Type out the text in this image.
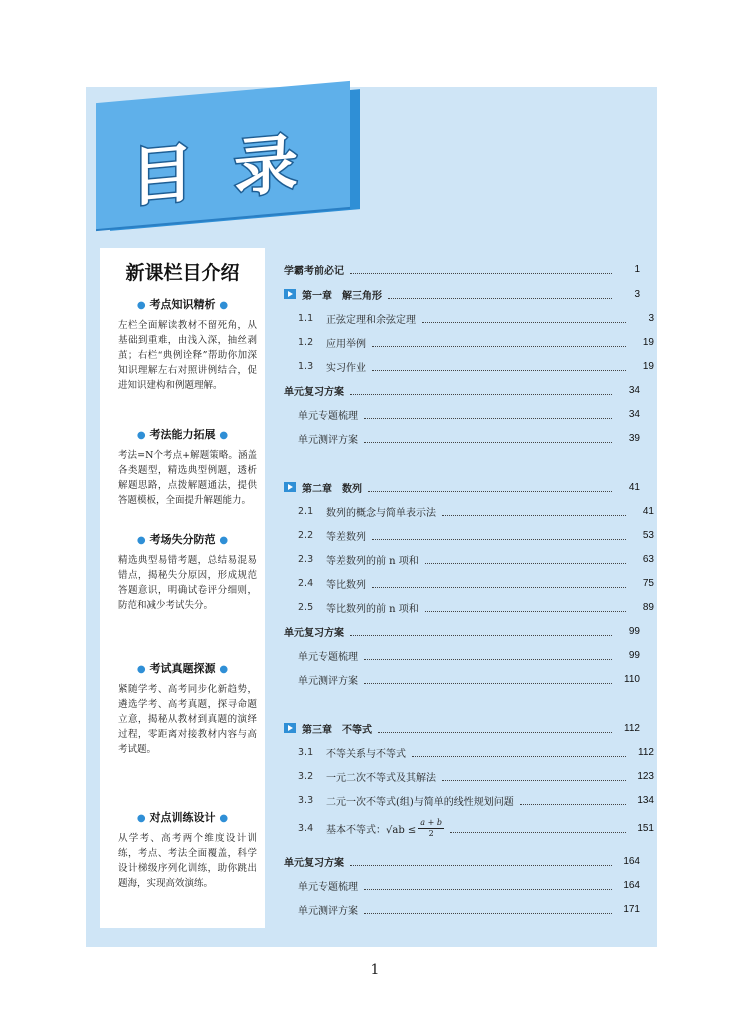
目录
新课栏目介绍
● 考点知识精析 ●
左栏全面解读教材不留死角，从基础到重难，由浅入深，抽丝剥茧；右栏“典例诠释”帮助你加深知识理解左右对照讲例结合，促进知识建构和例题理解。
● 考法能力拓展 ●
考法=N个考点+解题策略。涵盖各类题型，精选典型例题，透析解题思路，点拨解题通法，提供答题模板，全面提升解题能力。
● 考场失分防范 ●
精选典型易错考题，总结易混易错点，揭秘失分原因，形成规范答题意识，明确试卷评分细则，防范和减少考试失分。
● 考试真题探源 ●
紧随学考、高考同步化新趋势，遴选学考、高考真题，探寻命题立意，揭秘从教材到真题的演绎过程，零距离对接教材内容与高考试题。
● 对点训练设计 ●
从学考、高考两个维度设计训练，考点、考法全面覆盖，科学设计梯级序列化训练，助你跳出题海，实现高效演练。
学霸考前必记	1
第一章　解三角形	3
1.1	正弦定理和余弦定理	3
1.2	应用举例	19
1.3	实习作业	19
单元复习方案	34
单元专题梳理	34
单元测评方案	39
第二章　数列	41
2.1	数列的概念与简单表示法	41
2.2	等差数列	53
2.3	等差数列的前 n 项和	63
2.4	等比数列	75
2.5	等比数列的前 n 项和	89
单元复习方案	99
单元专题梳理	99
单元测评方案	110
第三章　不等式	112
3.1	不等关系与不等式	112
3.2	一元二次不等式及其解法	123
3.3	二元一次不等式(组)与简单的线性规划问题	134
3.4	基本不等式：$√ab \le \frac{a + b}{2}$	151
单元复习方案	164
单元专题梳理	164
单元测评方案	171
1
